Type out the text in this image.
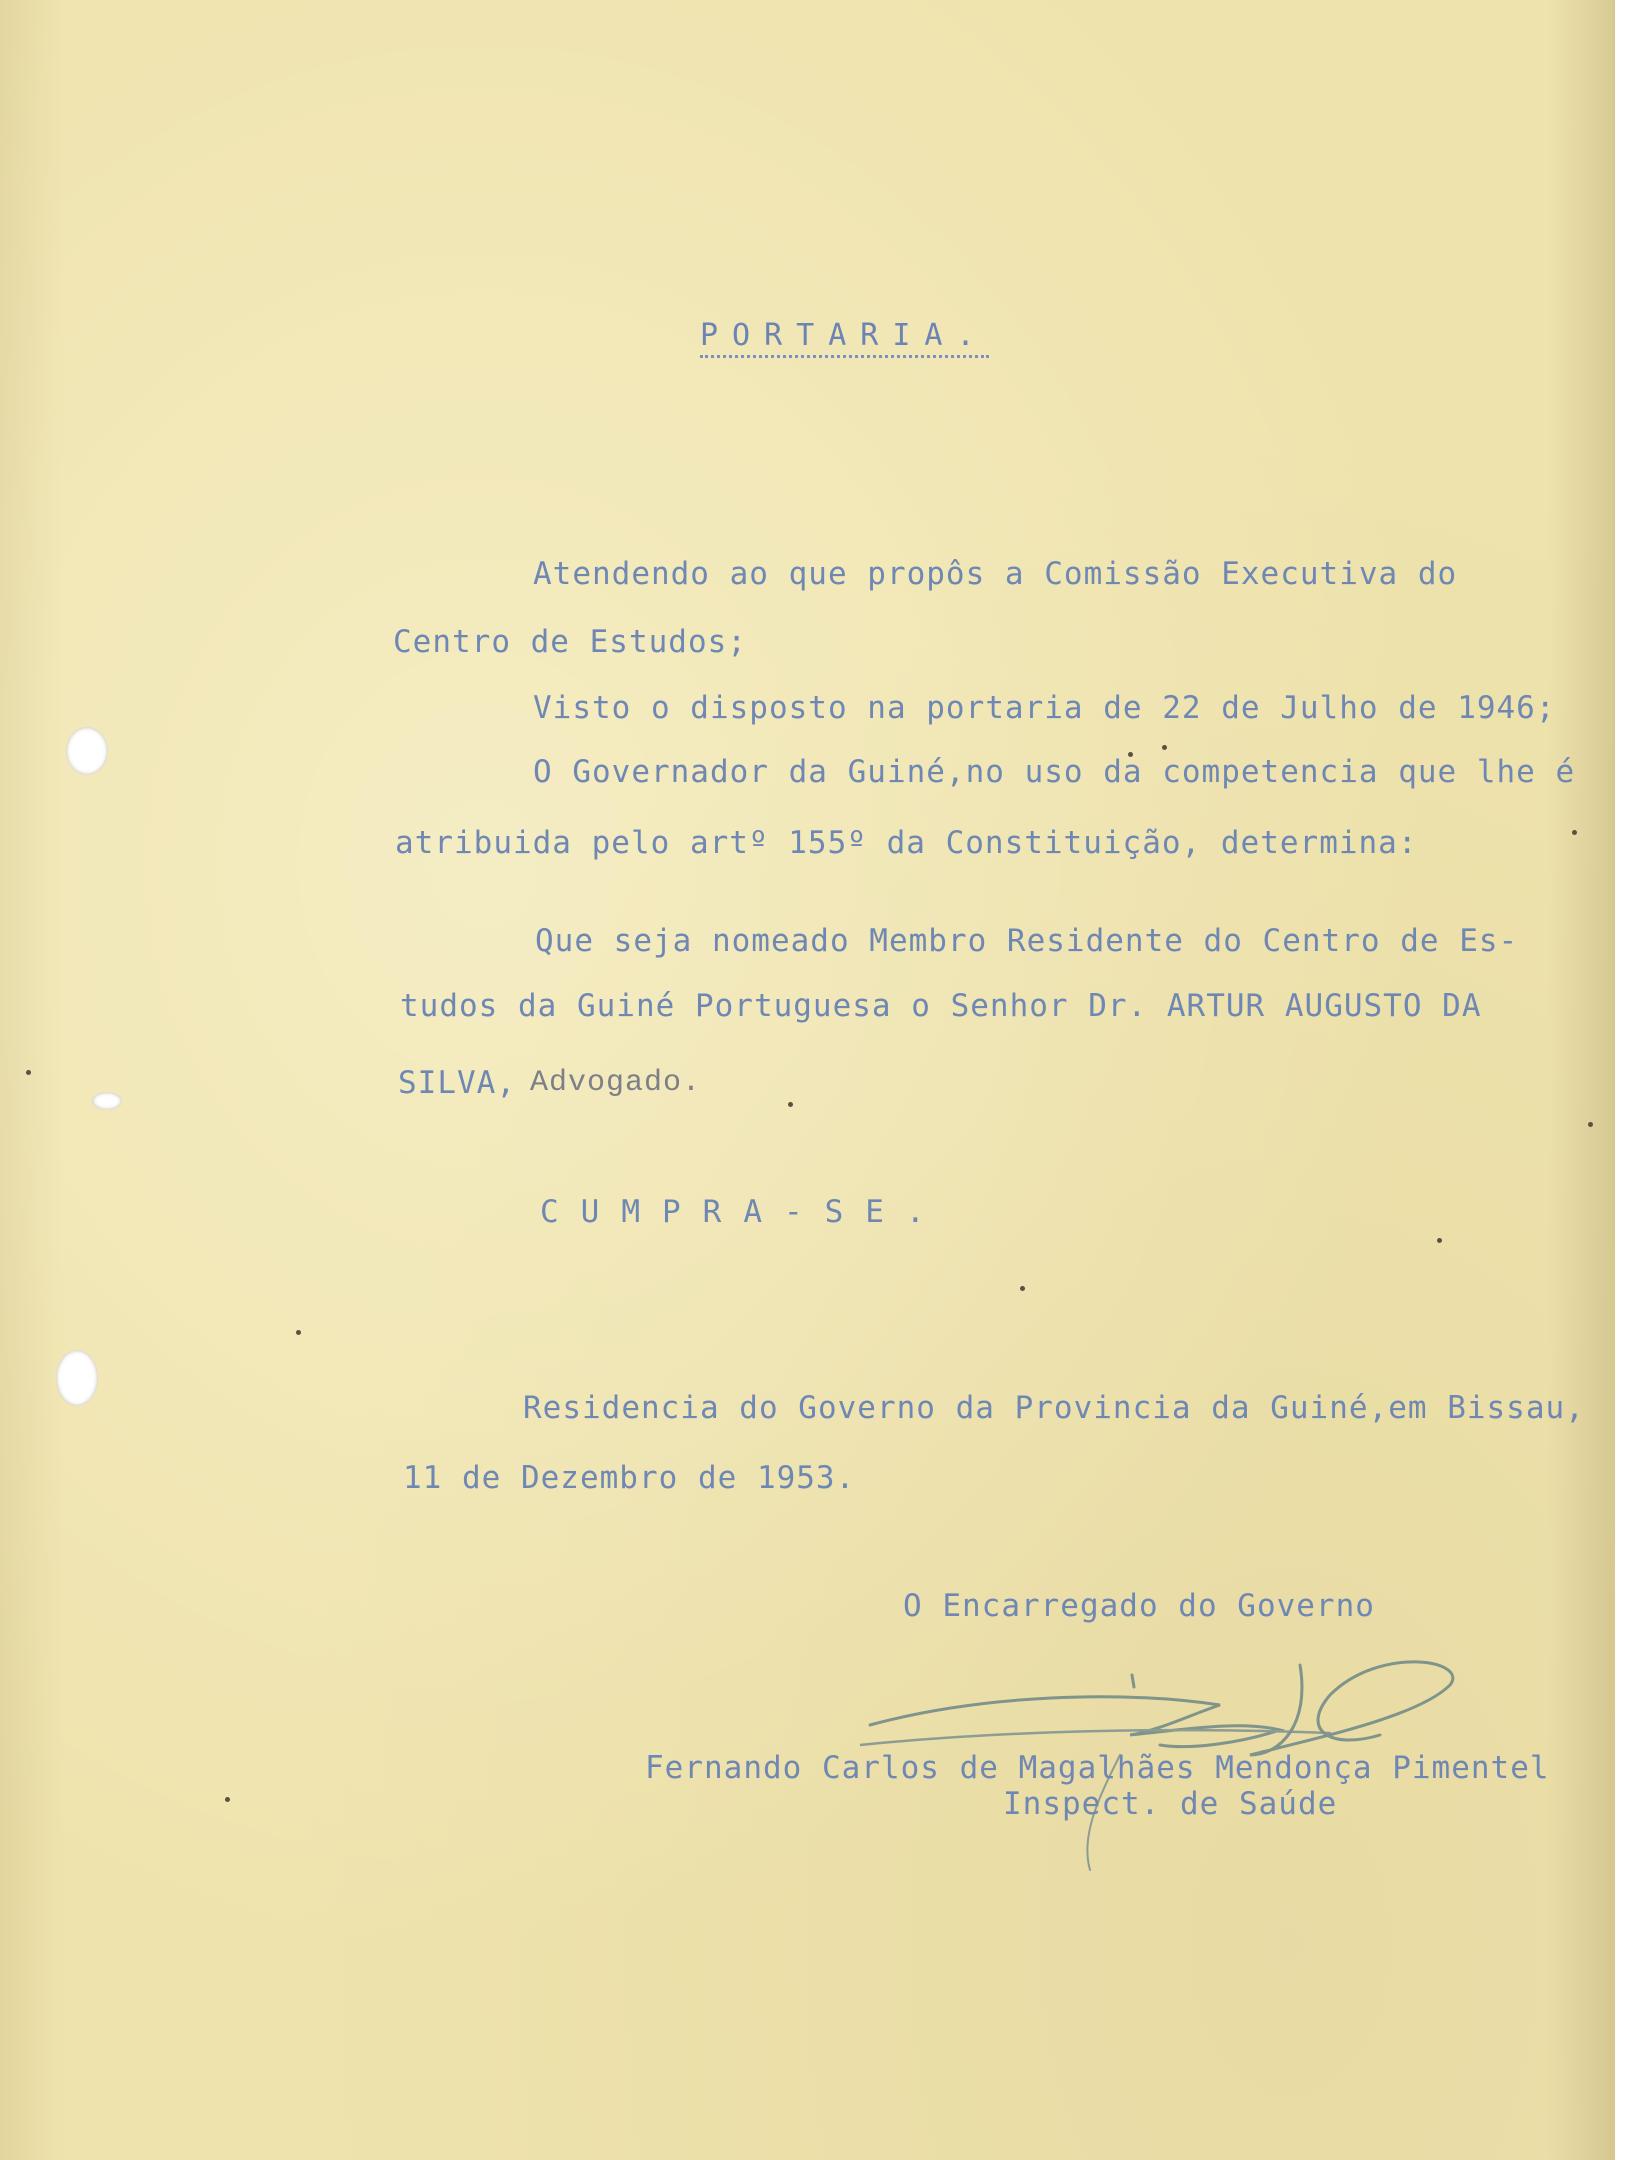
PORTARIA.
Atendendo ao que propôs a Comissão Executiva do
Centro de Estudos;
Visto o disposto na portaria de 22 de Julho de 1946;
O Governador da Guiné,no uso da competencia que lhe é
atribuida pelo artº 155º da Constituição, determina:
Que seja nomeado Membro Residente do Centro de Es-
tudos da Guiné Portuguesa o Senhor Dr. ARTUR AUGUSTO DA
SILVA, Advogado.
CUMPRA-SE.
Residencia do Governo da Provincia da Guiné,em Bissau,
11 de Dezembro de 1953.
O Encarregado do Governo
Fernando Carlos de Magalhães Mendonça Pimentel
Inspect. de Saúde
